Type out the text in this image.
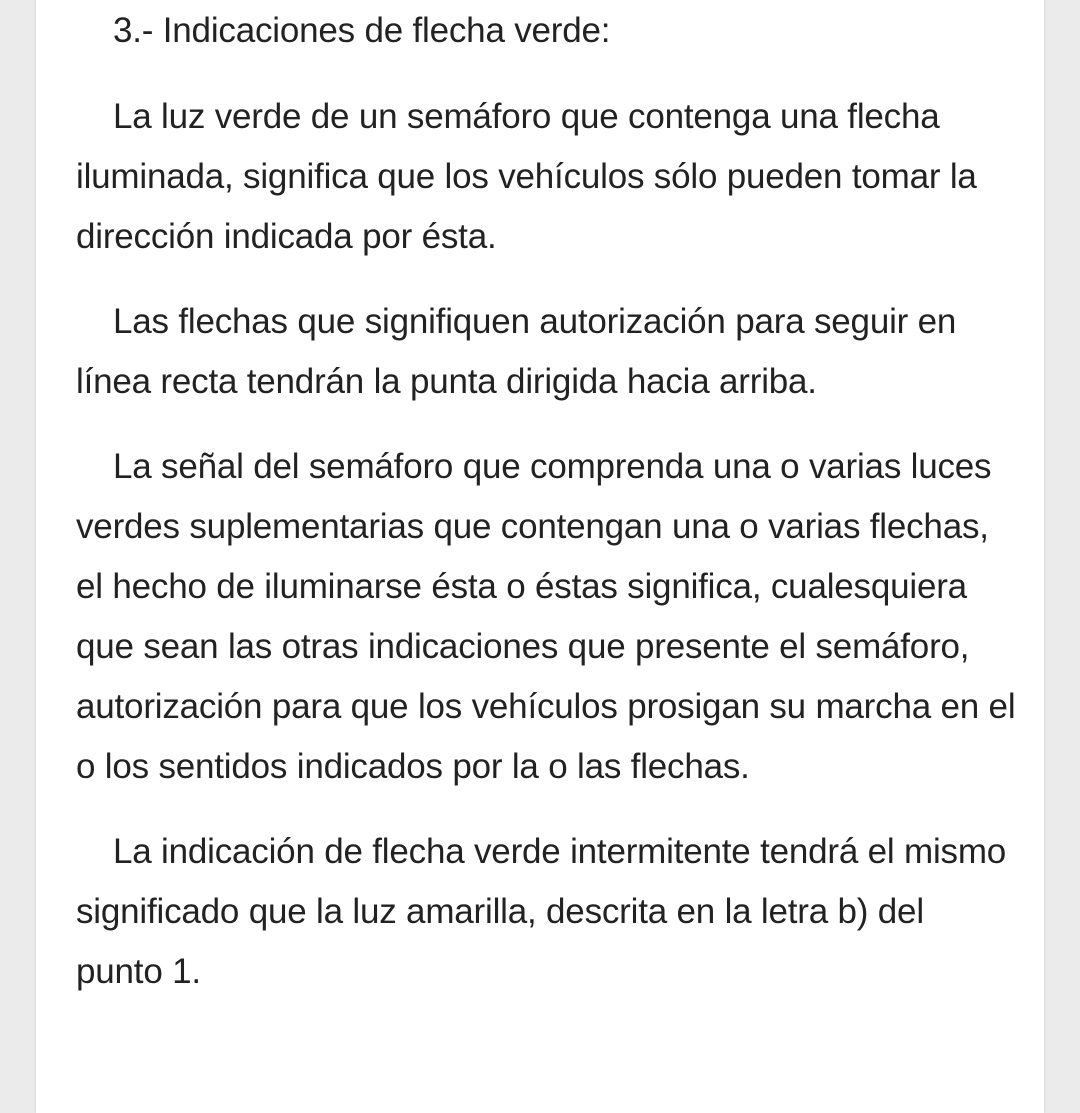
3.- Indicaciones de flecha verde:

La luz verde de un semáforo que contenga una flecha iluminada, significa que los vehículos sólo pueden tomar la dirección indicada por ésta.

Las flechas que signifiquen autorización para seguir en línea recta tendrán la punta dirigida hacia arriba.

La señal del semáforo que comprenda una o varias luces verdes suplementarias que contengan una o varias flechas, el hecho de iluminarse ésta o éstas significa, cualesquiera que sean las otras indicaciones que presente el semáforo, autorización para que los vehículos prosigan su marcha en el o los sentidos indicados por la o las flechas.

La indicación de flecha verde intermitente tendrá el mismo significado que la luz amarilla, descrita en la letra b) del punto 1.
